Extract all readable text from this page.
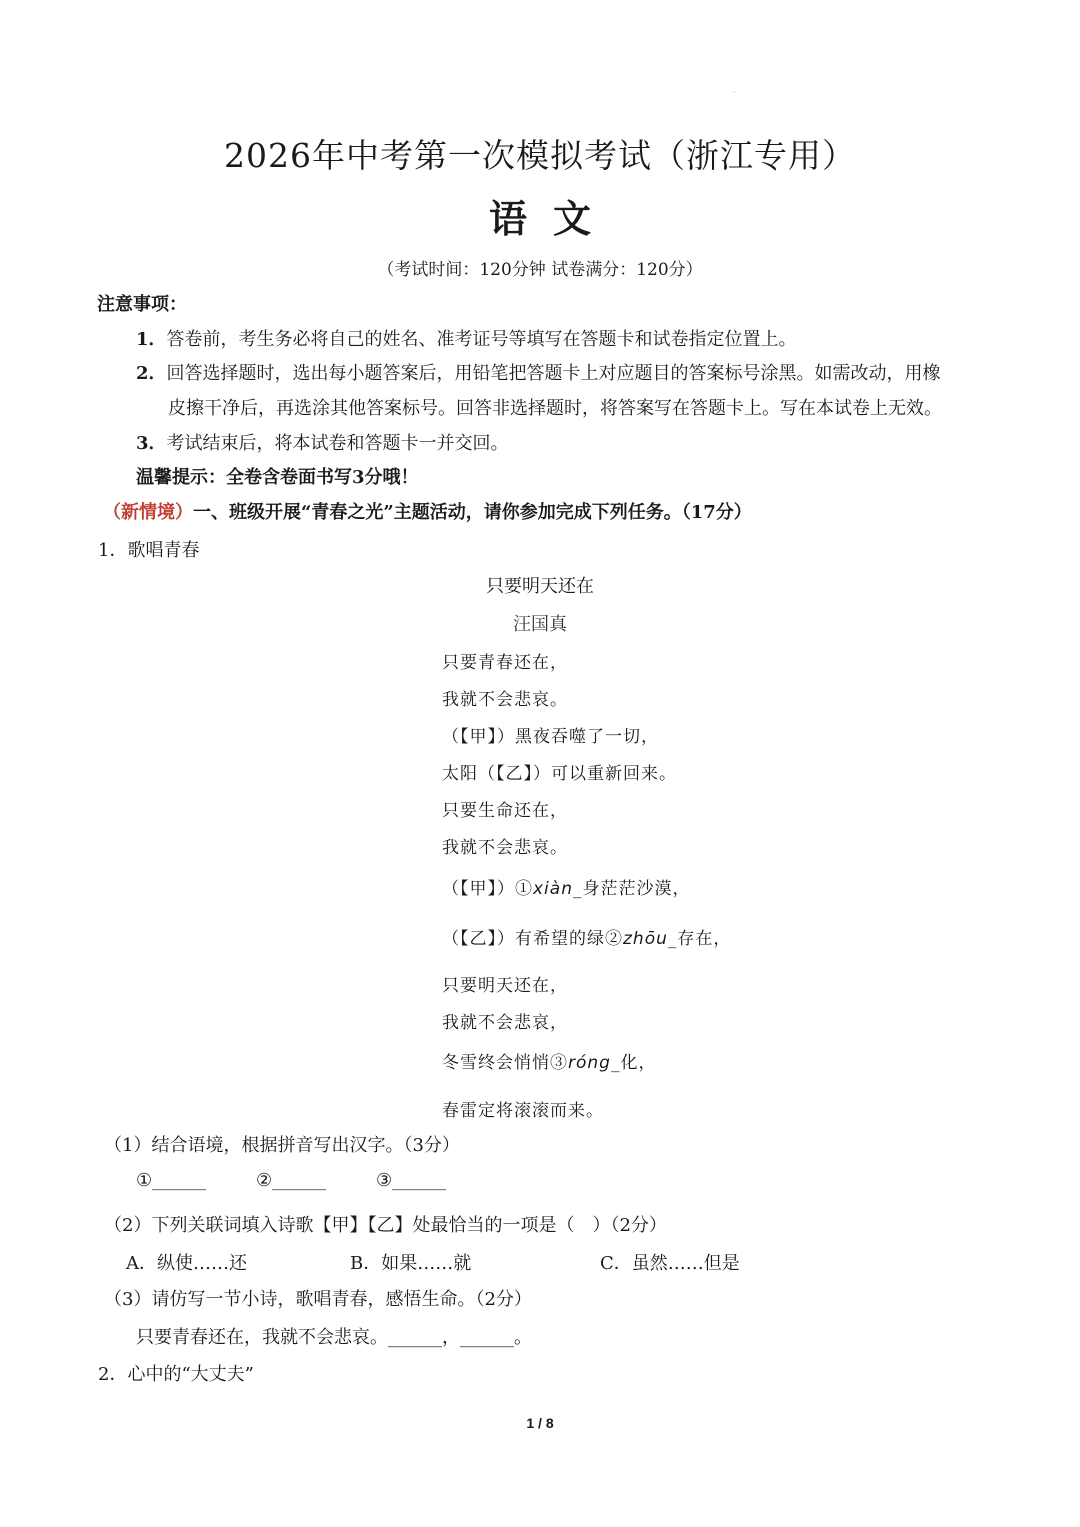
·
2026年中考第一次模拟考试（浙江专用）
语文
（考试时间：120分钟 试卷满分：120分）
注意事项：
1．答卷前，考生务必将自己的姓名、准考证号等填写在答题卡和试卷指定位置上。
2．回答选择题时，选出每小题答案后，用铅笔把答题卡上对应题目的答案标号涂黑。如需改动，用橡
皮擦干净后，再选涂其他答案标号。回答非选择题时，将答案写在答题卡上。写在本试卷上无效。
3．考试结束后，将本试卷和答题卡一并交回。
温馨提示：全卷含卷面书写3分哦！
（新情境）一、班级开展“青春之光”主题活动，请你参加完成下列任务。（17分）
1．歌唱青春
只要明天还在
汪国真
只要青春还在，
我就不会悲哀。
（【甲】）黑夜吞噬了一切，
太阳（【乙】）可以重新回来。
只要生命还在，
我就不会悲哀。
（【甲】）①xiàn_身茫茫沙漠，
（【乙】）有希望的绿②zhōu_存在，
只要明天还在，
我就不会悲哀，
冬雪终会悄悄③róng_化，
春雷定将滚滚而来。
（1）结合语境，根据拼音写出汉字。（3分）
①______	②______	③______
（2）下列关联词填入诗歌【甲】【乙】处最恰当的一项是（　）（2分）
A．纵使……还	B．如果……就	C．虽然……但是
（3）请仿写一节小诗，歌唱青春，感悟生命。（2分）
只要青春还在，我就不会悲哀。______，______。
2．心中的“大丈夫”
1 / 8
